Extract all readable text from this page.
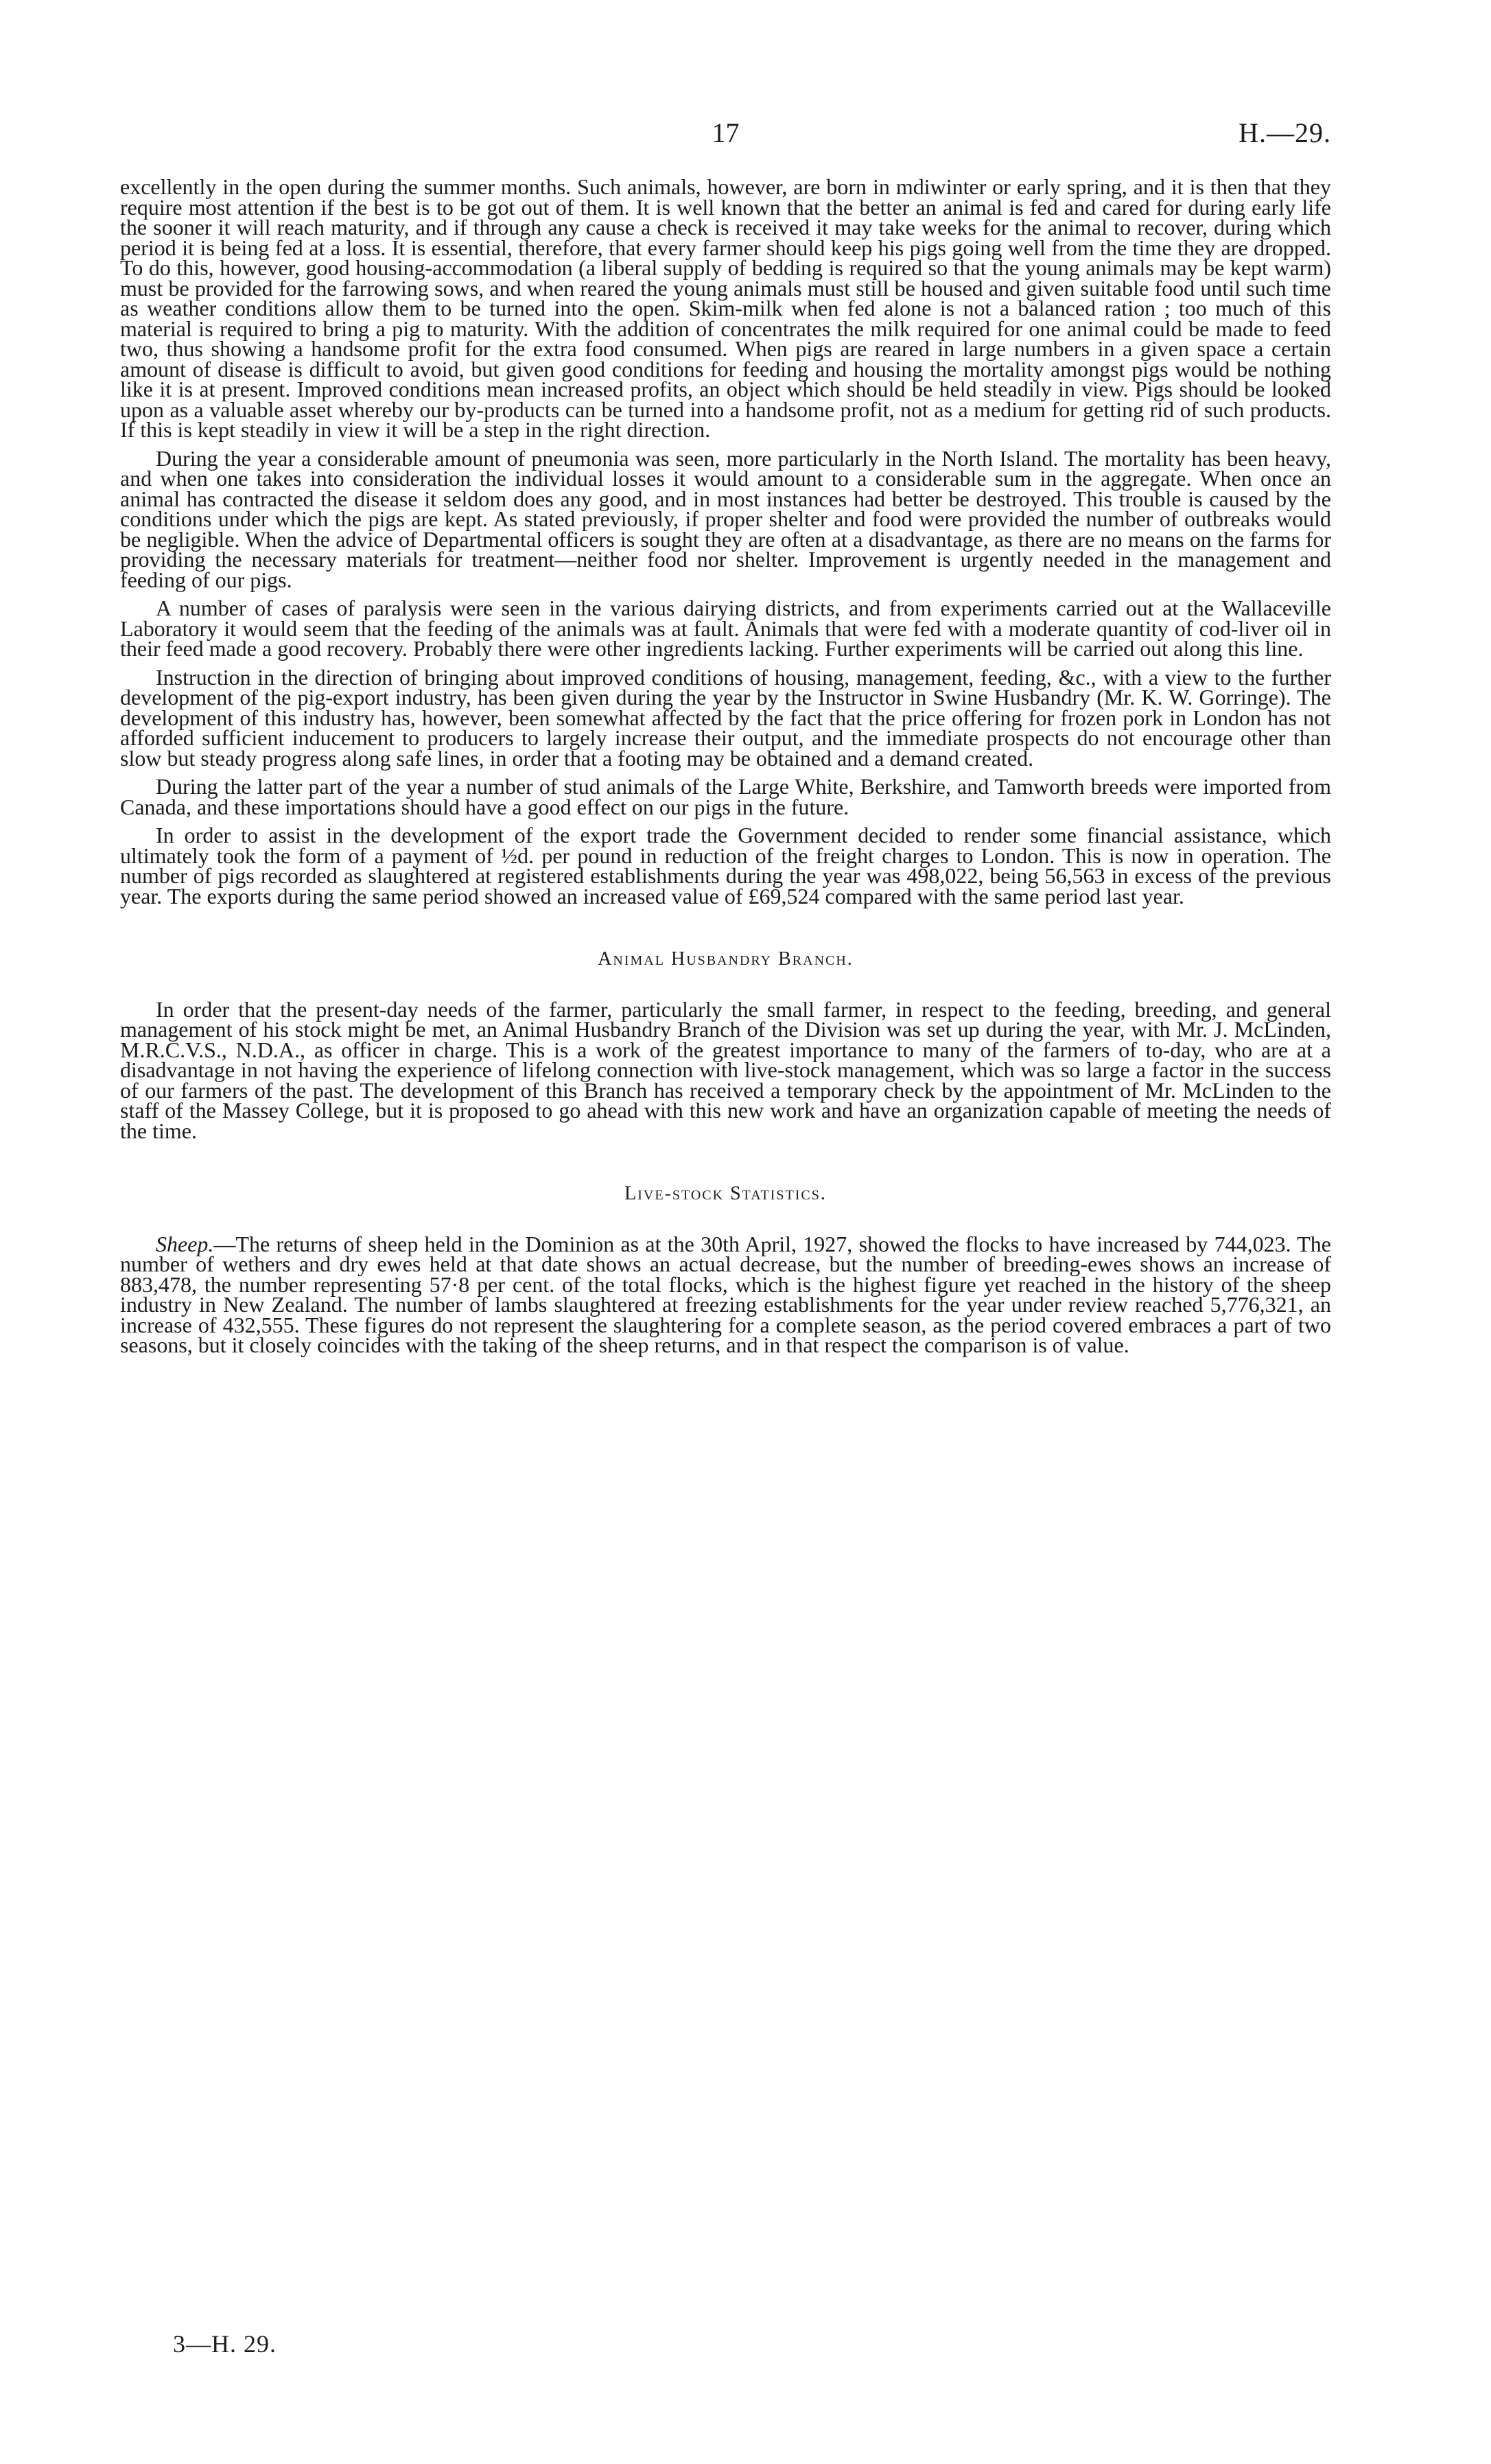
17	H.—29.

excellently in the open during the summer months. Such animals, however, are born in mdiwinter or early spring, and it is then that they require most attention if the best is to be got out of them. It is well known that the better an animal is fed and cared for during early life the sooner it will reach maturity, and if through any cause a check is received it may take weeks for the animal to recover, during which period it is being fed at a loss. It is essential, therefore, that every farmer should keep his pigs going well from the time they are dropped. To do this, however, good housing-accommodation (a liberal supply of bedding is required so that the young animals may be kept warm) must be provided for the farrowing sows, and when reared the young animals must still be housed and given suitable food until such time as weather conditions allow them to be turned into the open. Skim-milk when fed alone is not a balanced ration ; too much of this material is required to bring a pig to maturity. With the addition of concentrates the milk required for one animal could be made to feed two, thus showing a handsome profit for the extra food consumed. When pigs are reared in large numbers in a given space a certain amount of disease is difficult to avoid, but given good conditions for feeding and housing the mortality amongst pigs would be nothing like it is at present. Improved conditions mean increased profits, an object which should be held steadily in view. Pigs should be looked upon as a valuable asset whereby our by-products can be turned into a handsome profit, not as a medium for getting rid of such products. If this is kept steadily in view it will be a step in the right direction.

During the year a considerable amount of pneumonia was seen, more particularly in the North Island. The mortality has been heavy, and when one takes into consideration the individual losses it would amount to a considerable sum in the aggregate. When once an animal has contracted the disease it seldom does any good, and in most instances had better be destroyed. This trouble is caused by the conditions under which the pigs are kept. As stated previously, if proper shelter and food were provided the number of outbreaks would be negligible. When the advice of Departmental officers is sought they are often at a disadvantage, as there are no means on the farms for providing the necessary materials for treatment—neither food nor shelter. Improvement is urgently needed in the management and feeding of our pigs.

A number of cases of paralysis were seen in the various dairying districts, and from experiments carried out at the Wallaceville Laboratory it would seem that the feeding of the animals was at fault. Animals that were fed with a moderate quantity of cod-liver oil in their feed made a good recovery. Probably there were other ingredients lacking. Further experiments will be carried out along this line.

Instruction in the direction of bringing about improved conditions of housing, management, feeding, &c., with a view to the further development of the pig-export industry, has been given during the year by the Instructor in Swine Husbandry (Mr. K. W. Gorringe). The development of this industry has, however, been somewhat affected by the fact that the price offering for frozen pork in London has not afforded sufficient inducement to producers to largely increase their output, and the immediate prospects do not encourage other than slow but steady progress along safe lines, in order that a footing may be obtained and a demand created.

During the latter part of the year a number of stud animals of the Large White, Berkshire, and Tamworth breeds were imported from Canada, and these importations should have a good effect on our pigs in the future.

In order to assist in the development of the export trade the Government decided to render some financial assistance, which ultimately took the form of a payment of ½d. per pound in reduction of the freight charges to London. This is now in operation. The number of pigs recorded as slaughtered at registered establishments during the year was 498,022, being 56,563 in excess of the previous year. The exports during the same period showed an increased value of £69,524 compared with the same period last year.

Animal Husbandry Branch.

In order that the present-day needs of the farmer, particularly the small farmer, in respect to the feeding, breeding, and general management of his stock might be met, an Animal Husbandry Branch of the Division was set up during the year, with Mr. J. McLinden, M.R.C.V.S., N.D.A., as officer in charge. This is a work of the greatest importance to many of the farmers of to-day, who are at a disadvantage in not having the experience of lifelong connection with live-stock management, which was so large a factor in the success of our farmers of the past. The development of this Branch has received a temporary check by the appointment of Mr. McLinden to the staff of the Massey College, but it is proposed to go ahead with this new work and have an organization capable of meeting the needs of the time.

Live-stock Statistics.

Sheep.—The returns of sheep held in the Dominion as at the 30th April, 1927, showed the flocks to have increased by 744,023. The number of wethers and dry ewes held at that date shows an actual decrease, but the number of breeding-ewes shows an increase of 883,478, the number representing 57·8 per cent. of the total flocks, which is the highest figure yet reached in the history of the sheep industry in New Zealand. The number of lambs slaughtered at freezing establishments for the year under review reached 5,776,321, an increase of 432,555. These figures do not represent the slaughtering for a complete season, as the period covered embraces a part of two seasons, but it closely coincides with the taking of the sheep returns, and in that respect the comparison is of value.

3—H. 29.
